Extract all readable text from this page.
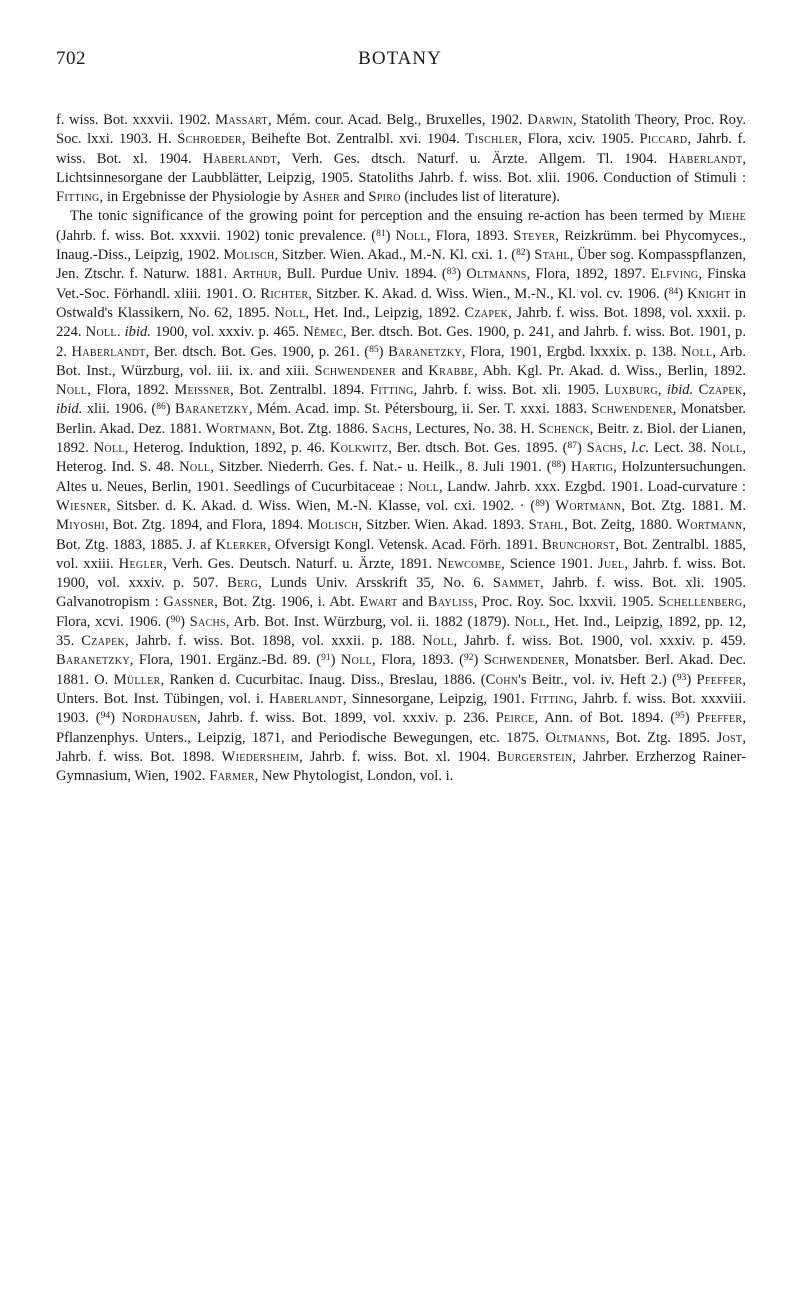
702	BOTANY

f. wiss. Bot. xxxvii. 1902. Massart, Mém. cour. Acad. Belg., Bruxelles, 1902. Darwin, Statolith Theory, Proc. Roy. Soc. lxxi. 1903. H. Schroeder, Beihefte Bot. Zentralbl. xvi. 1904. Tischler, Flora, xciv. 1905. Piccard, Jahrb. f. wiss. Bot. xl. 1904. Haberlandt, Verh. Ges. dtsch. Naturf. u. Ärzte. Allgem. Tl. 1904. Haberlandt, Lichtsinnesorgane der Laubblätter, Leipzig, 1905. Statoliths Jahrb. f. wiss. Bot. xlii. 1906. Conduction of Stimuli : Fitting, in Ergebnisse der Physiologie by Asher and Spiro (includes list of literature).

The tonic significance of the growing point for perception and the ensuing re-action has been termed by Miehe (Jahrb. f. wiss. Bot. xxxvii. 1902) tonic prevalence. ($^{81}$) Noll, Flora, 1893. Steyer, Reizkrümm. bei Phycomyces., Inaug.-Diss., Leipzig, 1902. Molisch, Sitzber. Wien. Akad., M.-N. Kl. cxi. 1. ($^{82}$) Stahl, Über sog. Kompasspflanzen, Jen. Ztschr. f. Naturw. 1881. Arthur, Bull. Purdue Univ. 1894. ($^{83}$) Oltmanns, Flora, 1892, 1897. Elfving, Finska Vet.-Soc. Förhandl. xliii. 1901. O. Richter, Sitzber. K. Akad. d. Wiss. Wien., M.-N., Kl. vol. cv. 1906. ($^{84}$) Knight in Ostwald's Klassikern, No. 62, 1895. Noll, Het. Ind., Leipzig, 1892. Czapek, Jahrb. f. wiss. Bot. 1898, vol. xxxii. p. 224. Noll. ibid. 1900, vol. xxxiv. p. 465. Němec, Ber. dtsch. Bot. Ges. 1900, p. 241, and Jahrb. f. wiss. Bot. 1901, p. 2. Haberlandt, Ber. dtsch. Bot. Ges. 1900, p. 261. ($^{85}$) Baranetzky, Flora, 1901, Ergbd. lxxxix. p. 138. Noll, Arb. Bot. Inst., Würzburg, vol. iii. ix. and xiii. Schwendener and Krabbe, Abh. Kgl. Pr. Akad. d. Wiss., Berlin, 1892. Noll, Flora, 1892. Meissner, Bot. Zentralbl. 1894. Fitting, Jahrb. f. wiss. Bot. xli. 1905. Luxburg, ibid. Czapek, ibid. xlii. 1906. ($^{86}$) Baranetzky, Mém. Acad. imp. St. Pétersbourg, ii. Ser. T. xxxi. 1883. Schwendener, Monatsber. Berlin. Akad. Dez. 1881. Wortmann, Bot. Ztg. 1886. Sachs, Lectures, No. 38. H. Schenck, Beitr. z. Biol. der Lianen, 1892. Noll, Heterog. Induktion, 1892, p. 46. Kolkwitz, Ber. dtsch. Bot. Ges. 1895. ($^{87}$) Sachs, l.c. Lect. 38. Noll, Heterog. Ind. S. 48. Noll, Sitzber. Niederrh. Ges. f. Nat.- u. Heilk., 8. Juli 1901. ($^{88}$) Hartig, Holzuntersuchungen. Altes u. Neues, Berlin, 1901. Seedlings of Cucurbitaceae : Noll, Landw. Jahrb. xxx. Ezgbd. 1901. Load-curvature : Wiesner, Sitsber. d. K. Akad. d. Wiss. Wien, M.-N. Klasse, vol. cxi. 1902. · ($^{89}$) Wortmann, Bot. Ztg. 1881. M. Miyoshi, Bot. Ztg. 1894, and Flora, 1894. Molisch, Sitzber. Wien. Akad. 1893. Stahl, Bot. Zeitg, 1880. Wortmann, Bot. Ztg. 1883, 1885. J. af Klerker, Ofversigt Kongl. Vetensk. Acad. Förh. 1891. Brunchorst, Bot. Zentralbl. 1885, vol. xxiii. Hegler, Verh. Ges. Deutsch. Naturf. u. Ärzte, 1891. Newcombe, Science 1901. Juel, Jahrb. f. wiss. Bot. 1900, vol. xxxiv. p. 507. Berg, Lunds Univ. Arsskrift 35, No. 6. Sammet, Jahrb. f. wiss. Bot. xli. 1905. Galvanotropism : Gassner, Bot. Ztg. 1906, i. Abt. Ewart and Bayliss, Proc. Roy. Soc. lxxvii. 1905. Schellenberg, Flora, xcvi. 1906. ($^{90}$) Sachs, Arb. Bot. Inst. Würzburg, vol. ii. 1882 (1879). Noll, Het. Ind., Leipzig, 1892, pp. 12, 35. Czapek, Jahrb. f. wiss. Bot. 1898, vol. xxxii. p. 188. Noll, Jahrb. f. wiss. Bot. 1900, vol. xxxiv. p. 459. Baranetzky, Flora, 1901. Ergänz.-Bd. 89. ($^{91}$) Noll, Flora, 1893. ($^{92}$) Schwendener, Monatsber. Berl. Akad. Dec. 1881. O. Müller, Ranken d. Cucurbitac. Inaug. Diss., Breslau, 1886. (Cohn's Beitr., vol. iv. Heft 2.) ($^{93}$) Pfeffer, Unters. Bot. Inst. Tübingen, vol. i. Haberlandt, Sinnesorgane, Leipzig, 1901. Fitting, Jahrb. f. wiss. Bot. xxxviii. 1903. ($^{94}$) Nordhausen, Jahrb. f. wiss. Bot. 1899, vol. xxxiv. p. 236. Peirce, Ann. of Bot. 1894. ($^{95}$) Pfeffer, Pflanzenphys. Unters., Leipzig, 1871, and Periodische Bewegungen, etc. 1875. Oltmanns, Bot. Ztg. 1895. Jost, Jahrb. f. wiss. Bot. 1898. Wiedersheim, Jahrb. f. wiss. Bot. xl. 1904. Burgerstein, Jahrber. Erzherzog Rainer-Gymnasium, Wien, 1902. Farmer, New Phytologist, London, vol. i.
